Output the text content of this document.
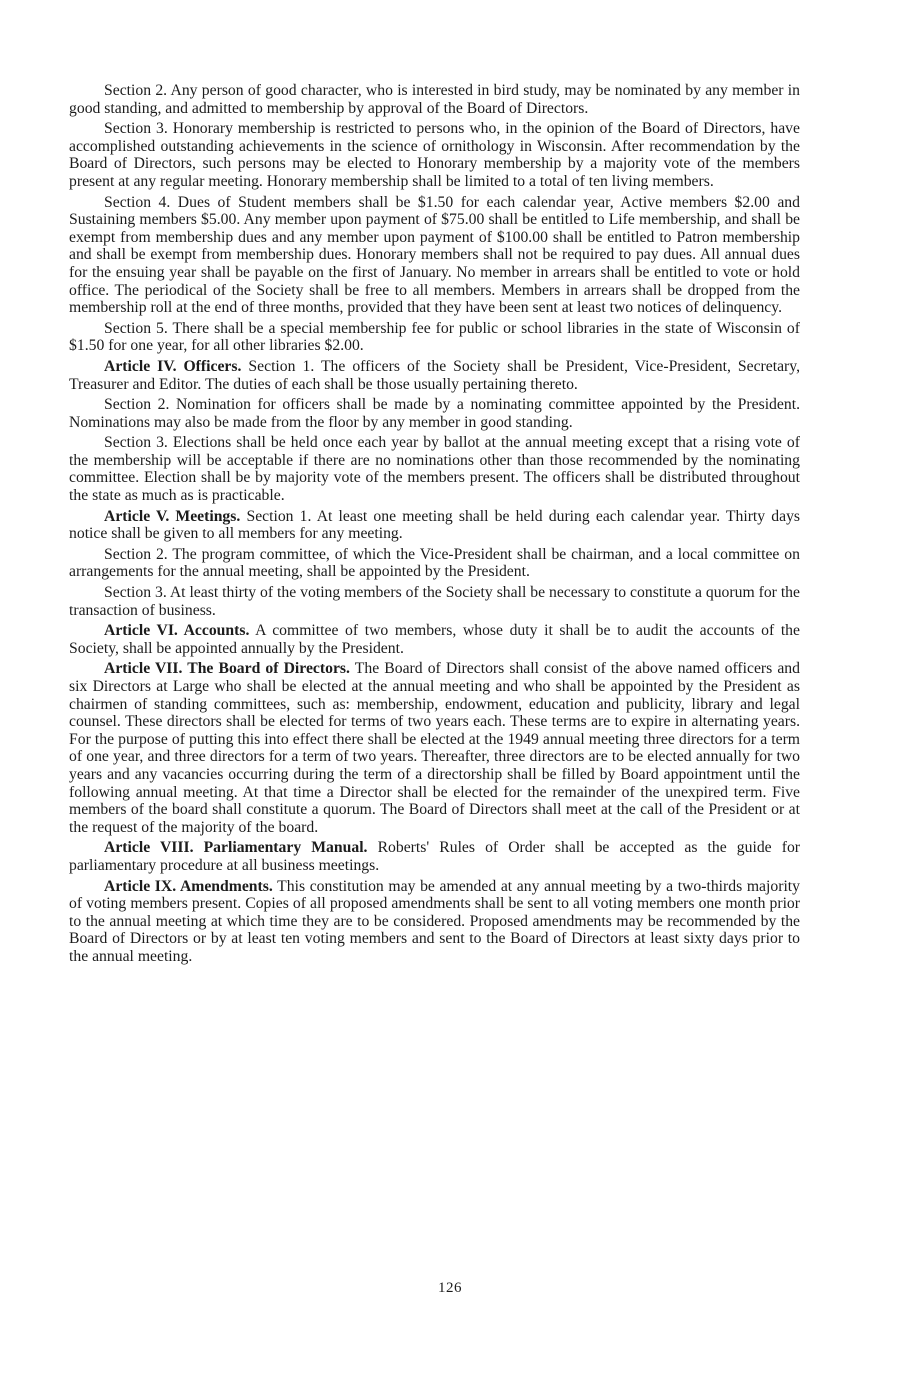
Section 2. Any person of good character, who is interested in bird study, may be nominated by any member in good standing, and admitted to membership by approval of the Board of Directors.

Section 3. Honorary membership is restricted to persons who, in the opinion of the Board of Directors, have accomplished outstanding achievements in the science of ornithology in Wisconsin. After recommendation by the Board of Directors, such persons may be elected to Honorary membership by a majority vote of the members present at any regular meeting. Honorary membership shall be limited to a total of ten living members.

Section 4. Dues of Student members shall be $1.50 for each calendar year, Active members $2.00 and Sustaining members $5.00. Any member upon payment of $75.00 shall be entitled to Life membership, and shall be exempt from membership dues and any member upon payment of $100.00 shall be entitled to Patron membership and shall be exempt from membership dues. Honorary members shall not be required to pay dues. All annual dues for the ensuing year shall be payable on the first of January. No member in arrears shall be entitled to vote or hold office. The periodical of the Society shall be free to all members. Members in arrears shall be dropped from the membership roll at the end of three months, provided that they have been sent at least two notices of delinquency.

Section 5. There shall be a special membership fee for public or school libraries in the state of Wisconsin of $1.50 for one year, for all other libraries $2.00.

Article IV. Officers. Section 1. The officers of the Society shall be President, Vice-President, Secretary, Treasurer and Editor. The duties of each shall be those usually pertaining thereto.

Section 2. Nomination for officers shall be made by a nominating committee appointed by the President. Nominations may also be made from the floor by any member in good standing.

Section 3. Elections shall be held once each year by ballot at the annual meeting except that a rising vote of the membership will be acceptable if there are no nominations other than those recommended by the nominating committee. Election shall be by majority vote of the members present. The officers shall be distributed throughout the state as much as is practicable.

Article V. Meetings. Section 1. At least one meeting shall be held during each calendar year. Thirty days notice shall be given to all members for any meeting.

Section 2. The program committee, of which the Vice-President shall be chairman, and a local committee on arrangements for the annual meeting, shall be appointed by the President.

Section 3. At least thirty of the voting members of the Society shall be necessary to constitute a quorum for the transaction of business.

Article VI. Accounts. A committee of two members, whose duty it shall be to audit the accounts of the Society, shall be appointed annually by the President.

Article VII. The Board of Directors. The Board of Directors shall consist of the above named officers and six Directors at Large who shall be elected at the annual meeting and who shall be appointed by the President as chairmen of standing committees, such as: membership, endowment, education and publicity, library and legal counsel. These directors shall be elected for terms of two years each. These terms are to expire in alternating years. For the purpose of putting this into effect there shall be elected at the 1949 annual meeting three directors for a term of one year, and three directors for a term of two years. Thereafter, three directors are to be elected annually for two years and any vacancies occurring during the term of a directorship shall be filled by Board appointment until the following annual meeting. At that time a Director shall be elected for the remainder of the unexpired term. Five members of the board shall constitute a quorum. The Board of Directors shall meet at the call of the President or at the request of the majority of the board.

Article VIII. Parliamentary Manual. Roberts' Rules of Order shall be accepted as the guide for parliamentary procedure at all business meetings.

Article IX. Amendments. This constitution may be amended at any annual meeting by a two-thirds majority of voting members present. Copies of all proposed amendments shall be sent to all voting members one month prior to the annual meeting at which time they are to be considered. Proposed amendments may be recommended by the Board of Directors or by at least ten voting members and sent to the Board of Directors at least sixty days prior to the annual meeting.

126
